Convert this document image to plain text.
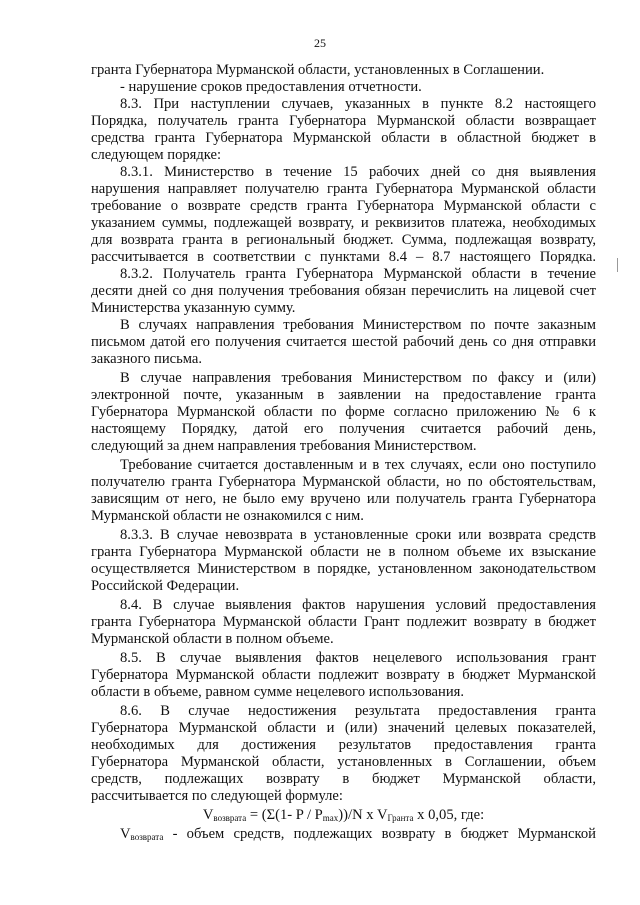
25
гранта Губернатора Мурманской области, установленных в Соглашении.
- нарушение сроков предоставления отчетности.
8.3. При наступлении случаев, указанных в пункте 8.2 настоящего
Порядка, получатель гранта Губернатора Мурманской области возвращает
средства гранта Губернатора Мурманской области в областной бюджет в
следующем порядке:
8.3.1. Министерство в течение 15 рабочих дней со дня выявления
нарушения направляет получателю гранта Губернатора Мурманской области
требование о возврате средств гранта Губернатора Мурманской области с
указанием суммы, подлежащей возврату, и реквизитов платежа, необходимых
для возврата гранта в региональный бюджет. Сумма, подлежащая возврату,
рассчитывается в соответствии с пунктами 8.4 – 8.7 настоящего Порядка.
8.3.2. Получатель гранта Губернатора Мурманской области в течение
десяти дней со дня получения требования обязан перечислить на лицевой счет
Министерства указанную сумму.
В случаях направления требования Министерством по почте заказным
письмом датой его получения считается шестой рабочий день со дня отправки
заказного письма.
В случае направления требования Министерством по факсу и (или)
электронной почте, указанным в заявлении на предоставление гранта
Губернатора Мурманской области по форме согласно приложению № 6 к
настоящему Порядку, датой его получения считается рабочий день,
следующий за днем направления требования Министерством.
Требование считается доставленным и в тех случаях, если оно поступило
получателю гранта Губернатора Мурманской области, но по обстоятельствам,
зависящим от него, не было ему вручено или получатель гранта Губернатора
Мурманской области не ознакомился с ним.
8.3.3. В случае невозврата в установленные сроки или возврата средств
гранта Губернатора Мурманской области не в полном объеме их взыскание
осуществляется Министерством в порядке, установленном законодательством
Российской Федерации.
8.4. В случае выявления фактов нарушения условий предоставления
гранта Губернатора Мурманской области Грант подлежит возврату в бюджет
Мурманской области в полном объеме.
8.5. В случае выявления фактов нецелевого использования грант
Губернатора Мурманской области подлежит возврату в бюджет Мурманской
области в объеме, равном сумме нецелевого использования.
8.6. В случае недостижения результата предоставления гранта
Губернатора Мурманской области и (или) значений целевых показателей,
необходимых для достижения результатов предоставления гранта
Губернатора Мурманской области, установленных в Соглашении, объем
средств, подлежащих возврату в бюджет Мурманской области,
рассчитывается по следующей формуле:
$V_{возврата} = (\Sigma(1-$ P / $P_{max}))/N$ x $V_{Гранта}$ x 0,05, где:
$V_{возврата}$ - объем средств, подлежащих возврату в бюджет Мурманской
